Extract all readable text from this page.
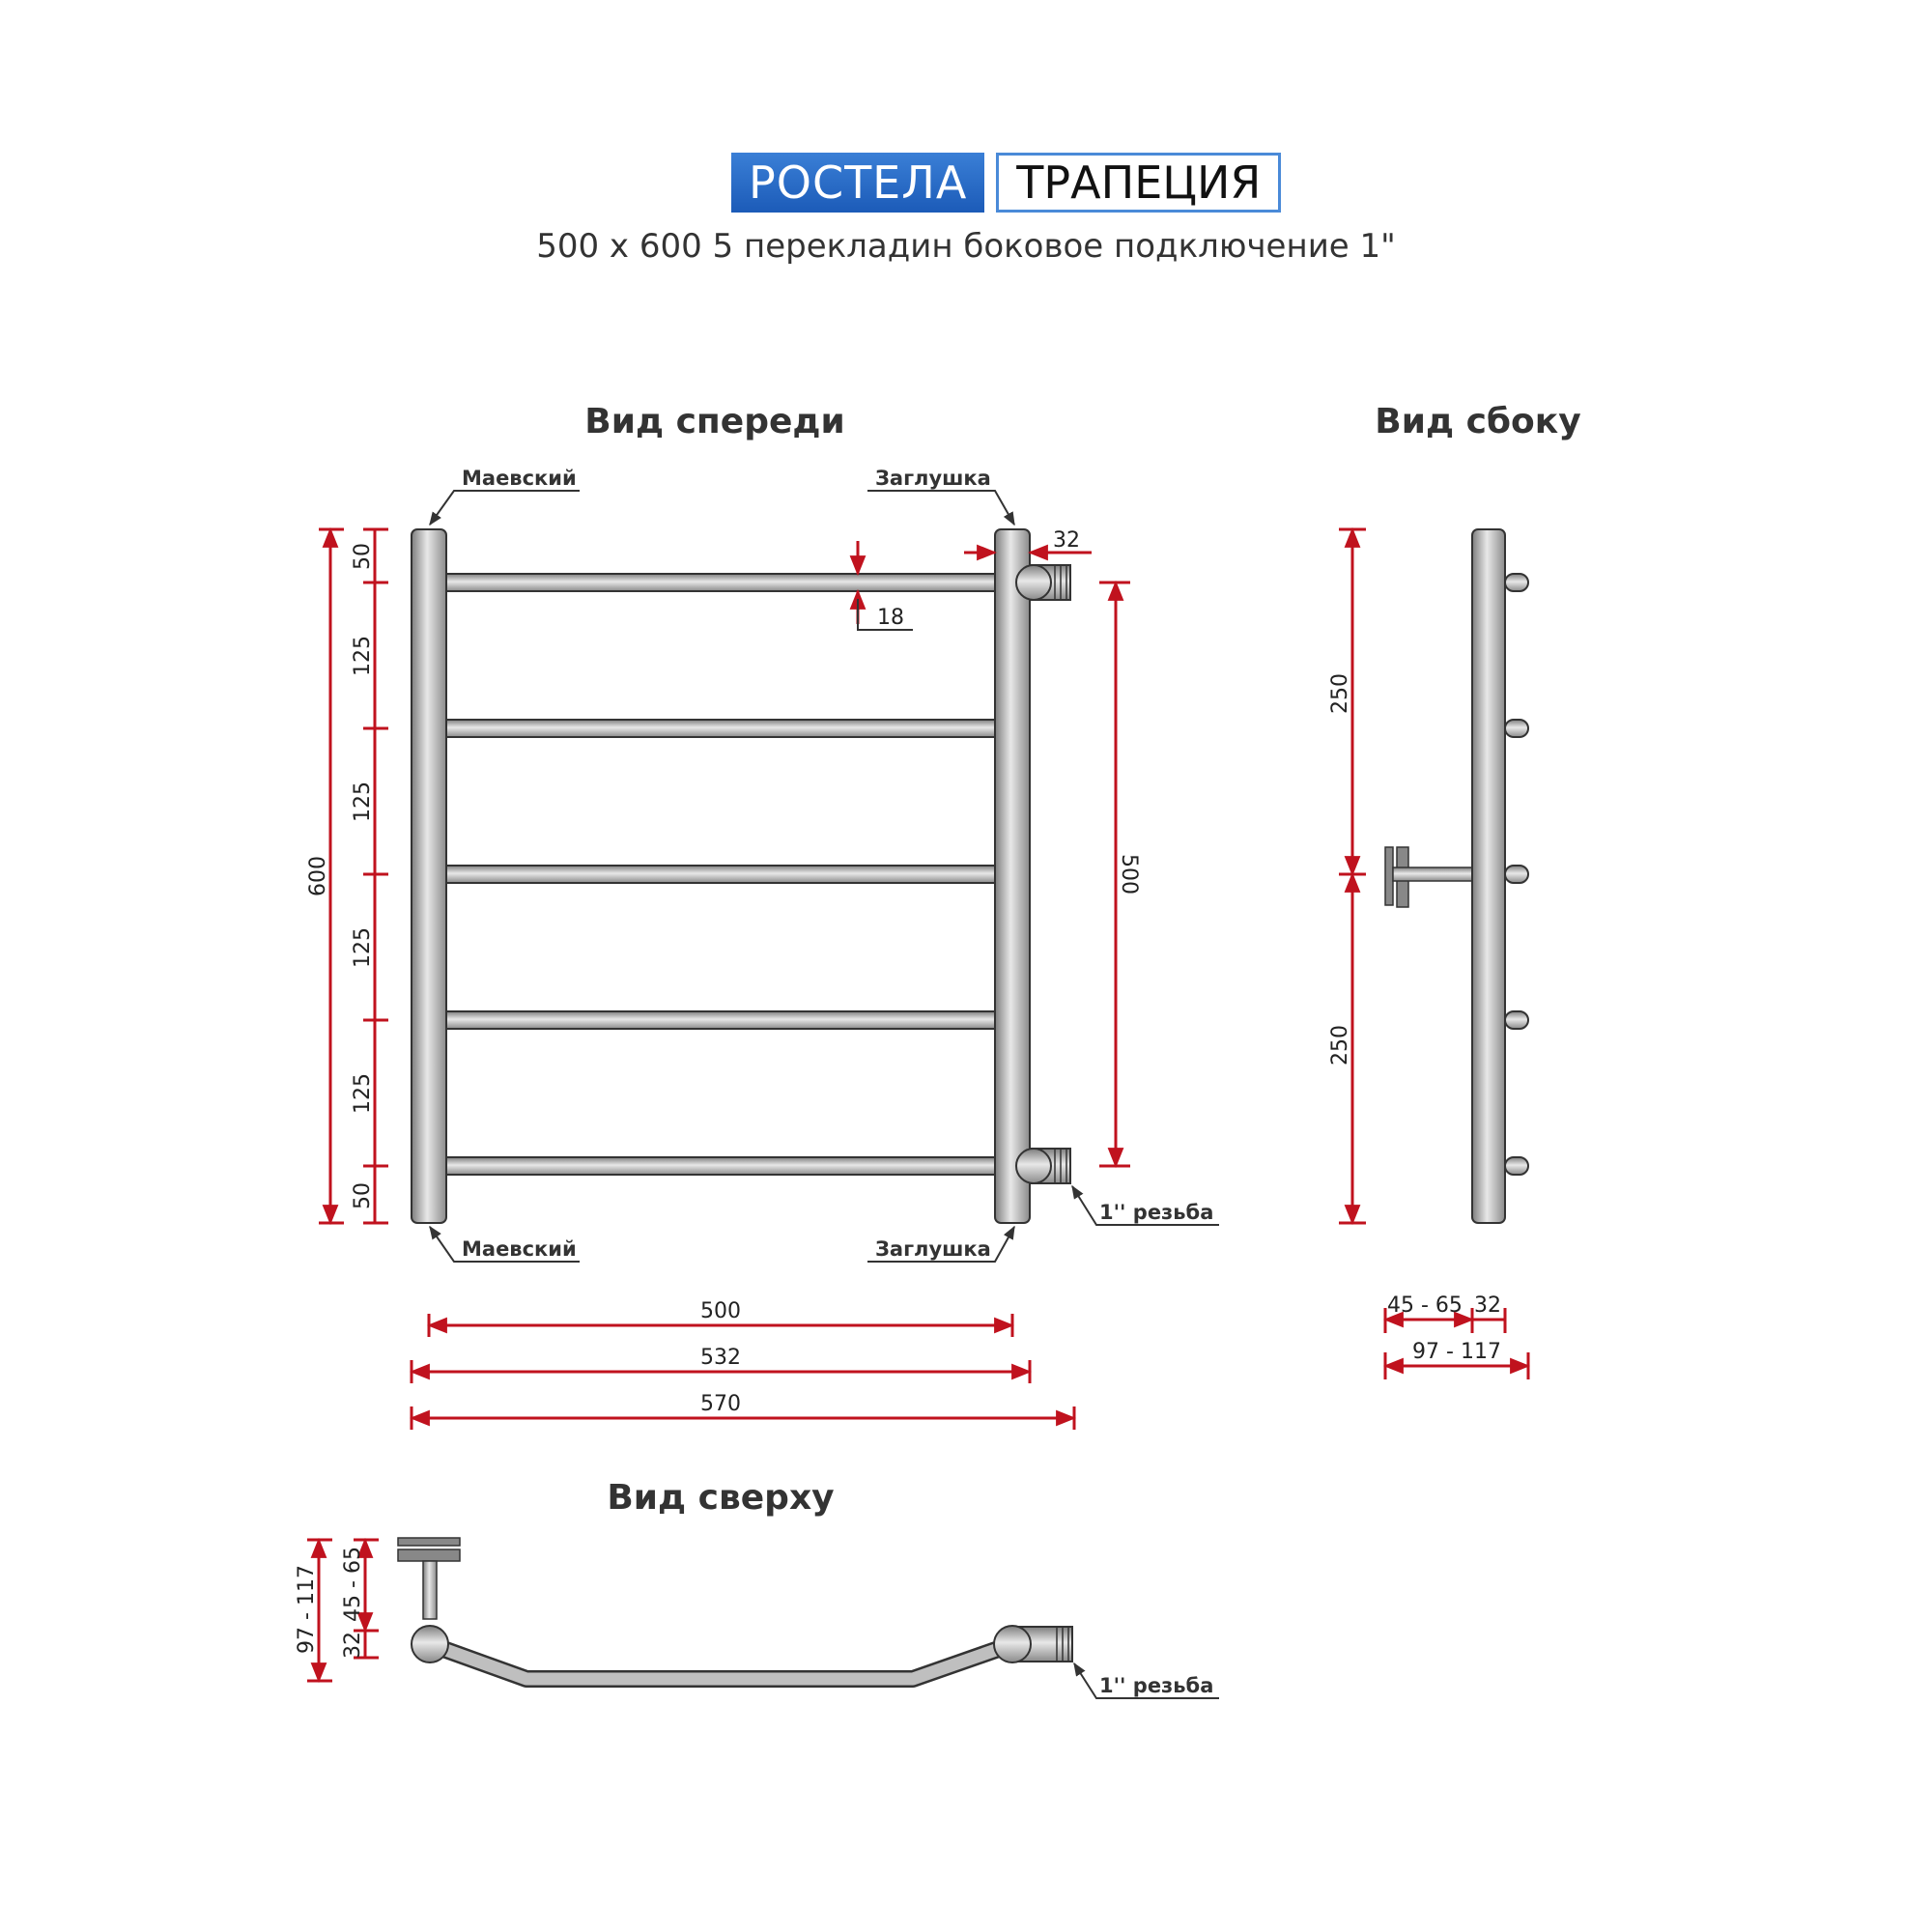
РОСТЕЛА	ТРАПЕЦИЯ
500 x 600 5 перекладин боковое подключение 1"
Вид спереди
Маевский	Заглушка
Маевский	Заглушка
1'' резьба
600
50
125
125
125
125
50
32
18
500
500
532
570
Вид сбоку
250
250
45 - 65 32
97 - 117
Вид сверху
97 - 117 45 - 65
32
1'' резьба
